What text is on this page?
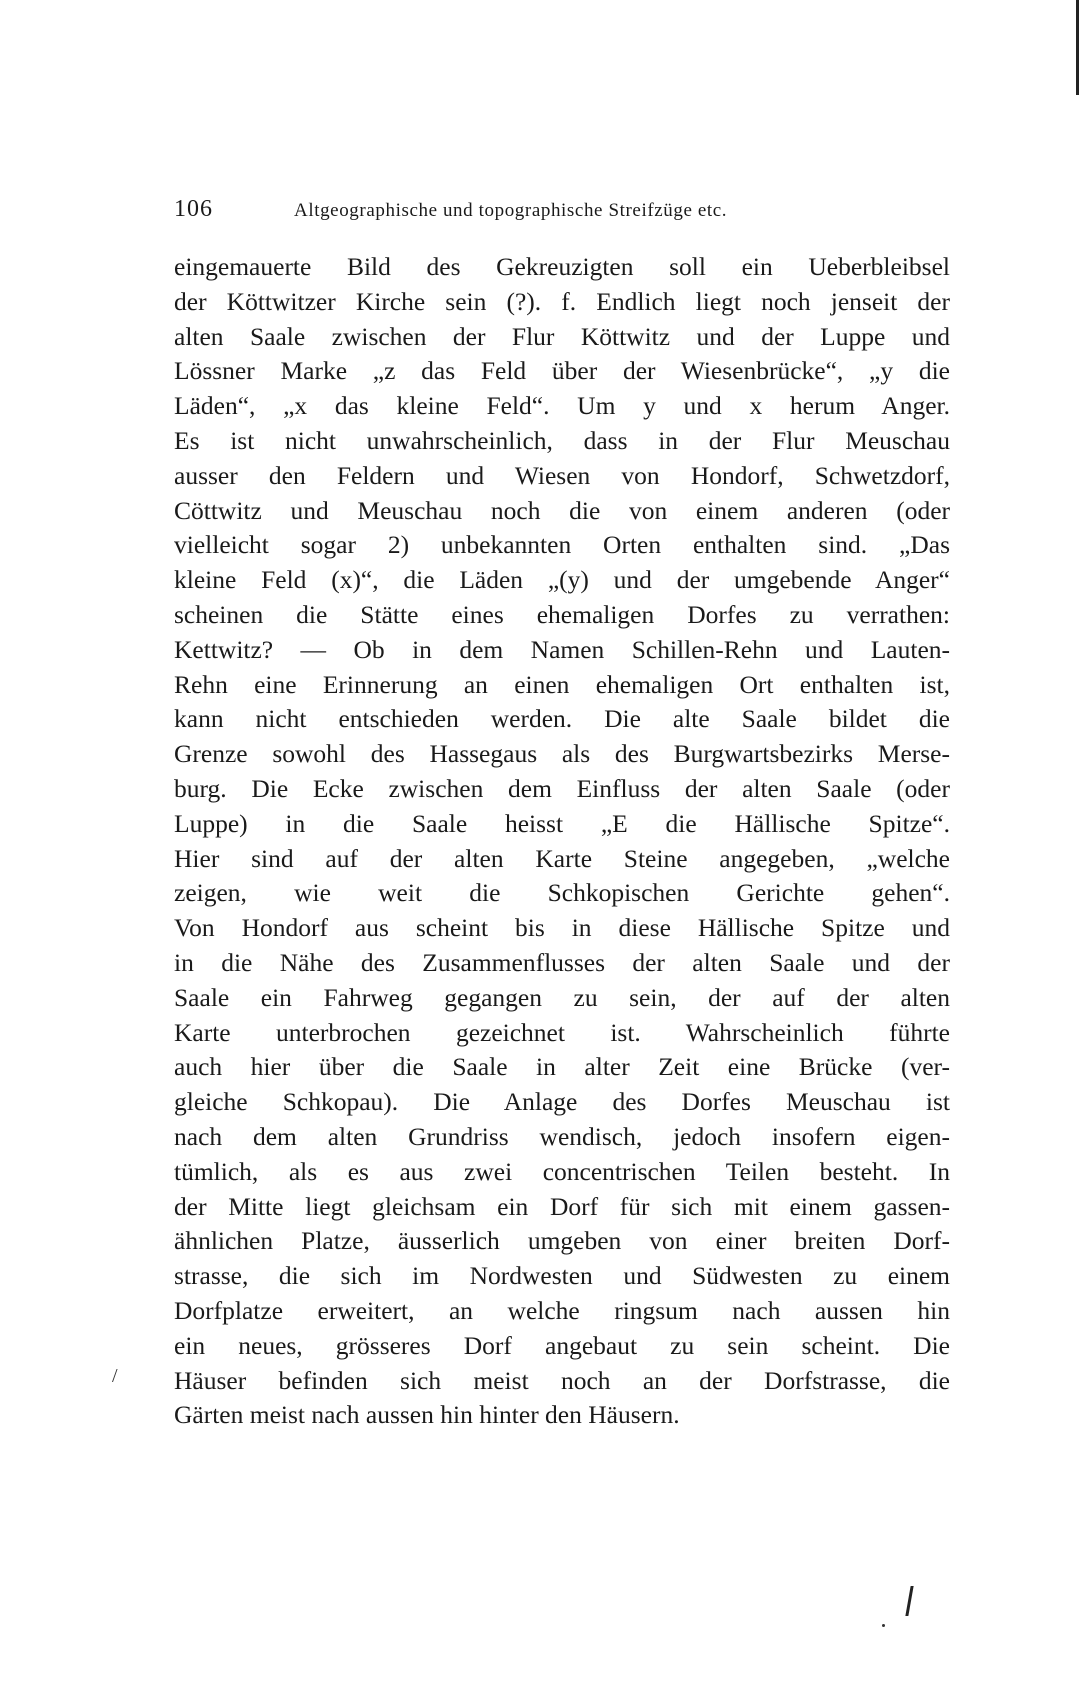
106	Altgeographische und topographische Streifzüge etc.
eingemauerte Bild des Gekreuzigten soll ein Ueberbleibsel
der Köttwitzer Kirche sein (?). f. Endlich liegt noch jenseit der
alten Saale zwischen der Flur Köttwitz und der Luppe und
Lössner Marke „z das Feld über der Wiesenbrücke“, „y die
Läden“, „x das kleine Feld“. Um y und x herum Anger.
Es ist nicht unwahrscheinlich, dass in der Flur Meuschau
ausser den Feldern und Wiesen von Hondorf, Schwetzdorf,
Cöttwitz und Meuschau noch die von einem anderen (oder
vielleicht sogar 2) unbekannten Orten enthalten sind. „Das
kleine Feld (x)“, die Läden „(y) und der umgebende Anger“
scheinen die Stätte eines ehemaligen Dorfes zu verrathen:
Kettwitz? — Ob in dem Namen Schillen-Rehn und Lauten-
Rehn eine Erinnerung an einen ehemaligen Ort enthalten ist,
kann nicht entschieden werden. Die alte Saale bildet die
Grenze sowohl des Hassegaus als des Burgwartsbezirks Merse-
burg. Die Ecke zwischen dem Einfluss der alten Saale (oder
Luppe) in die Saale heisst „E die Hällische Spitze“.
Hier sind auf der alten Karte Steine angegeben, „welche
zeigen, wie weit die Schkopischen Gerichte gehen“.
Von Hondorf aus scheint bis in diese Hällische Spitze und
in die Nähe des Zusammenflusses der alten Saale und der
Saale ein Fahrweg gegangen zu sein, der auf der alten
Karte unterbrochen gezeichnet ist. Wahrscheinlich führte
auch hier über die Saale in alter Zeit eine Brücke (ver-
gleiche Schkopau). Die Anlage des Dorfes Meuschau ist
nach dem alten Grundriss wendisch, jedoch insofern eigen-
tümlich, als es aus zwei concentrischen Teilen besteht. In
der Mitte liegt gleichsam ein Dorf für sich mit einem gassen-
ähnlichen Platze, äusserlich umgeben von einer breiten Dorf-
strasse, die sich im Nordwesten und Südwesten zu einem
Dorfplatze erweitert, an welche ringsum nach aussen hin
ein neues, grösseres Dorf angebaut zu sein scheint. Die
Häuser befinden sich meist noch an der Dorfstrasse, die
Gärten meist nach aussen hin hinter den Häusern.
/
